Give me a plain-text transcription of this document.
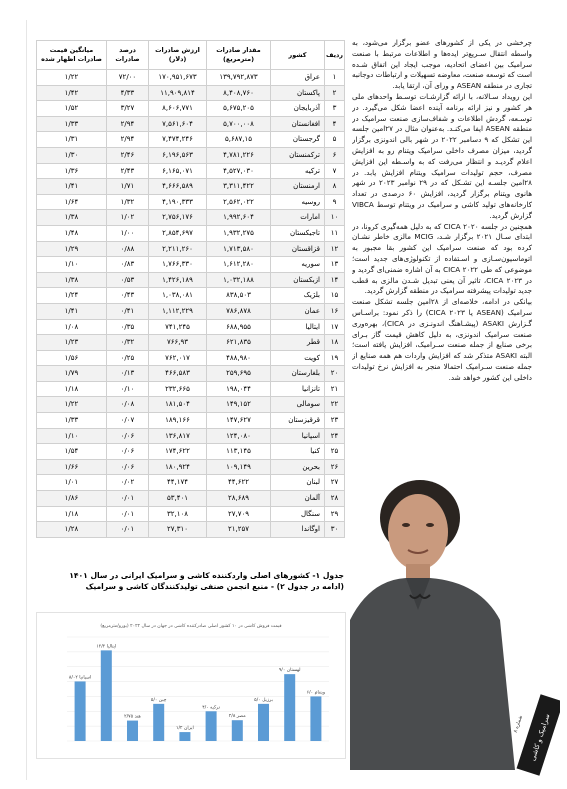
ردیف	کشور	مقدار صادرات (مترمربع)	ارزش صادرات (دلار)	درصد صادرات	میانگین قیمت صادرات اظهار شده
۱	عراق	۱۳۹,۷۹۲,۸۷۳	۱۷۰,۹۵۱,۶۷۳	۷۲/۰۰	۱/۲۲
۲	پاکستان	۸,۴۰۸,۷۶۰	۱۱,۹۰۹,۸۱۴	۴/۳۳	۱/۴۲
۳	آذربایجان	۵,۶۷۵,۲۰۵	۸,۶۰۶,۷۷۱	۳/۲۷	۱/۵۲
۴	افغانستان	۵,۷۰۰,۰۰۸	۷,۵۶۱,۶۰۴	۲/۹۴	۱/۳۳
۵	گرجستان	۵,۶۸۷,۱۵	۷,۴۷۴,۲۴۶	۲/۹۴	۱/۳۱
۶	ترکمنستان	۴,۷۸۱,۲۲۶	۶,۱۹۶,۵۶۳	۲/۴۶	۱/۳۰
۷	ترکیه	۴,۵۲۷,۰۳۰	۶,۱۶۵,۰۷۱	۲/۴۳	۱/۳۶
۸	ارمنستان	۳,۳۱۱,۴۲۲	۴,۶۶۶,۵۸۹	۱/۷۱	۱/۴۱
۹	روسیه	۲,۵۶۲,۰۲۲	۴,۱۹۰,۳۳۳	۱/۳۲	۱/۶۴
۱۰	امارات	۱,۹۹۲,۶۰۴	۲,۷۵۶,۱۷۶	۱/۰۲	۱/۳۸
۱۱	تاجیکستان	۱,۹۳۲,۲۷۵	۲,۸۵۴,۶۹۷	۱/۰۰	۱/۴۸
۱۲	قزاقستان	۱,۷۱۳,۵۸۰	۲,۲۱۱,۲۶۰	۰/۸۸	۱/۲۹
۱۳	سوریه	۱,۶۱۲,۲۸۰	۱,۷۶۶,۳۳۰	۰/۸۳	۱/۱۰
۱۴	ازبکستان	۱,۰۳۲,۱۸۸	۱,۴۲۶,۱۸۹	۰/۵۳	۱/۳۸
۱۵	بلژیک	۸۳۸,۵۰۳	۱,۰۳۸,۰۸۱	۰/۴۳	۱/۲۴
۱۶	عمان	۷۸۶,۸۷۸	۱,۱۱۲,۲۲۹	۰/۴۱	۱/۴۱
۱۷	ایتالیا	۶۸۸,۹۵۵	۷۴۱,۲۴۵	۰/۳۵	۱/۰۸
۱۸	قطر	۶۲۱,۸۳۵	۷۶۶,۹۳	۰/۳۲	۱/۲۳
۱۹	کویت	۴۸۸,۹۸۰	۷۶۲,۰۱۷	۰/۲۵	۱/۵۶
۲۰	بلغارستان	۲۵۹,۶۹۵	۴۶۶,۵۸۳	۰/۱۳	۱/۷۹
۲۱	تانزانیا	۱۹۸,۰۴۴	۲۳۲,۶۶۵	۰/۱۰	۱/۱۸
۲۲	سومالی	۱۴۹,۱۵۲	۱۸۱,۵۰۴	۰/۰۸	۱/۲۲
۲۳	قرقیزستان	۱۴۷,۶۲۷	۱۸۹,۱۶۶	۰/۰۷	۱/۳۳
۲۴	اسپانیا	۱۲۴,۰۸۰	۱۳۶,۸۱۷	۰/۰۶	۱/۱۰
۲۵	کنیا	۱۱۳,۱۴۵	۱۷۴,۶۲۲	۰/۰۶	۱/۵۴
۲۶	بحرین	۱۰۹,۱۴۹	۱۸۰,۹۲۴	۰/۰۶	۱/۶۶
۲۷	لبنان	۴۴,۶۲۲	۴۴,۱۷۴	۰/۰۲	۱/۰۱
۲۸	آلمان	۲۸,۶۸۹	۵۳,۴۰۱	۰/۰۱	۱/۸۶
۲۹	سنگال	۲۷,۷۰۹	۳۲,۱۰۸	۰/۰۱	۱/۱۸
۳۰	اوگاندا	۲۱,۲۵۷	۲۷,۳۱۰	۰/۰۱	۱/۲۸
جدول ۱- کشورهای اصلی واردکننده کاشی و سرامیک ایرانی در سال ۱۴۰۱
(ادامه در جدول ۲) - منبع انجمن صنفی تولیدکنندگان کاشی و سرامیک
قیمت فروش کاشی در ۱۰ کشور اصلی صادرکننده کاشی در جهان در سال ۲۰۲۲ (یورو/مترمربع)
اسپانیا ۸/۰۲
ایتالیا ۱۲/۲
هند ۲/۷۵
چین ۵/۰
ایران ۱/۲
ترکیه ۴/۰
مصر ۲/۸
برزیل ۵/۰
لهستان ۹/۰
ویتنام ۶/۰

چرخشی در یکی از کشورهای عضو برگزار می‌شود، به واسطه انتقال سـریع‌تر ایده‌ها و اطلاعات مرتبط با صنعت سرامیک بین اعضای اتحادیه، موجب ایجاد این اتفاق شـده است که توسعه صنعت، معاوضه تسهیلات و ارتباطات دوجانبه تجاری در منطقه ASEAN و ورای آن، ارتقا یابد.

این رویداد سـالانه، با ارائه گزارشـات توسـط واحدهای ملی هر کشور و نیز ارائه برنامه آینده اعضا شکل می‌گیرد. در توسـعه، گردش اطلاعات و شفاف‌سازی صنعت سرامیک در منطقه ASEAN ایفا می‌کنـد. به‌عنوان مثال در ۲۷امین جلسه این تشکل که ۹ دسامبر ۲۰۲۲ در شهر بالی اندونزی برگزار گردید، میزان مصرف داخلی سرامیک ویتنام رو به افزایش اعلام گردیـد و انتظار می‌رفت که به واسـطه این افزایش مصرف، حجم تولیدات سرامیک ویتنام افزایش یابد. در ۲۸امین جلسـه این تشـکل که در ۲۹ نوامبر ۲۰۲۳ در شهر هانوی ویتنام برگزار گردید، افزایش ۶۰ درصدی در تعداد کارخانه‌های تولید کاشی و سرامیک در ویتنام توسط VIBCA گزارش گردید.

همچنین در جلسه ۲۰۲۰ CICA که به دلیل همه‌گیری کرونا، در ابتدای سـال ۲۰۲۱ برگزار شـد، MCIG مالزی خاطر نشـان کرده بود که صنعت سرامیک این کشور بقا مجبور به اتوماسیون‌سـازی و اسـتفاده از تکنولوژی‌های جدید است؛ موضوعی که طی ۲۰۲۲ CICA به آن اشاره ضمنی‌ای گردید و در ۲۰۲۳ CICA، تاثیر آن یعنی تبدیل شـدن مالزی به قطب جدید تولیدات پیشرفته سرامیک در منطقه گزارش گردید.

بیانکی در ادامه، خلاصه‌ای از ۲۸امین جلسه تشکل صنعت سرامیک (ASEAN یا ۲۰۲۳ CICA) را ذکر نمود: براسـاس گـزارش ASAKI (پیشـاهنگ اندونـزی در CICA)، بهره‌وری صنعت سرامیک اندونزی، به دلیل کاهش قیمت گاز بـرای برخی صنایع از جمله صنعت سـرامیک، افزایش یافته است؛ البته ASAKI متذکر شد که افزایش واردات هم همه صنایع از جمله صنعت سـرامیک احتمالا منجر به افزایش نرخ تولیدات داخلی این کشور خواهد شد.

سرامیک و کاشی
شماره ۸
۷۰
